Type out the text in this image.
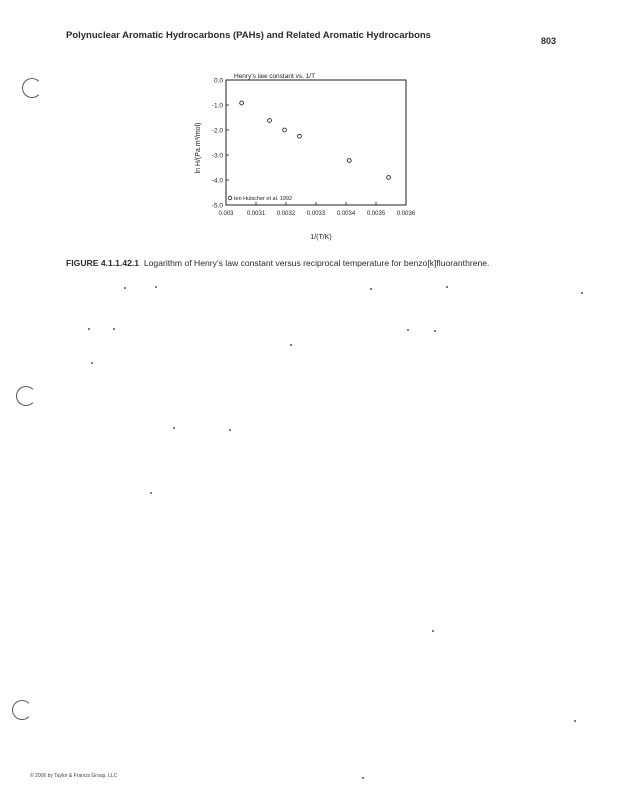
Polynuclear Aromatic Hydrocarbons (PAHs) and Related Aromatic Hydrocarbons	803
0.0
-1.0
-2.0
-3.0
-4.0
-5.0
0.003 0.0031 0.0032 0.0033 0.0034 0.0035 0.0036
Henry's law constant vs. 1/T
ln H/(Pa.m³/mol)
1/(T/K)
ten Hulscher et al. 1992
FIGURE 4.1.1.42.1 Logarithm of Henry's law constant versus reciprocal temperature for benzo[k]fluoranthrene.
© 2006 by Taylor & Francis Group, LLC
